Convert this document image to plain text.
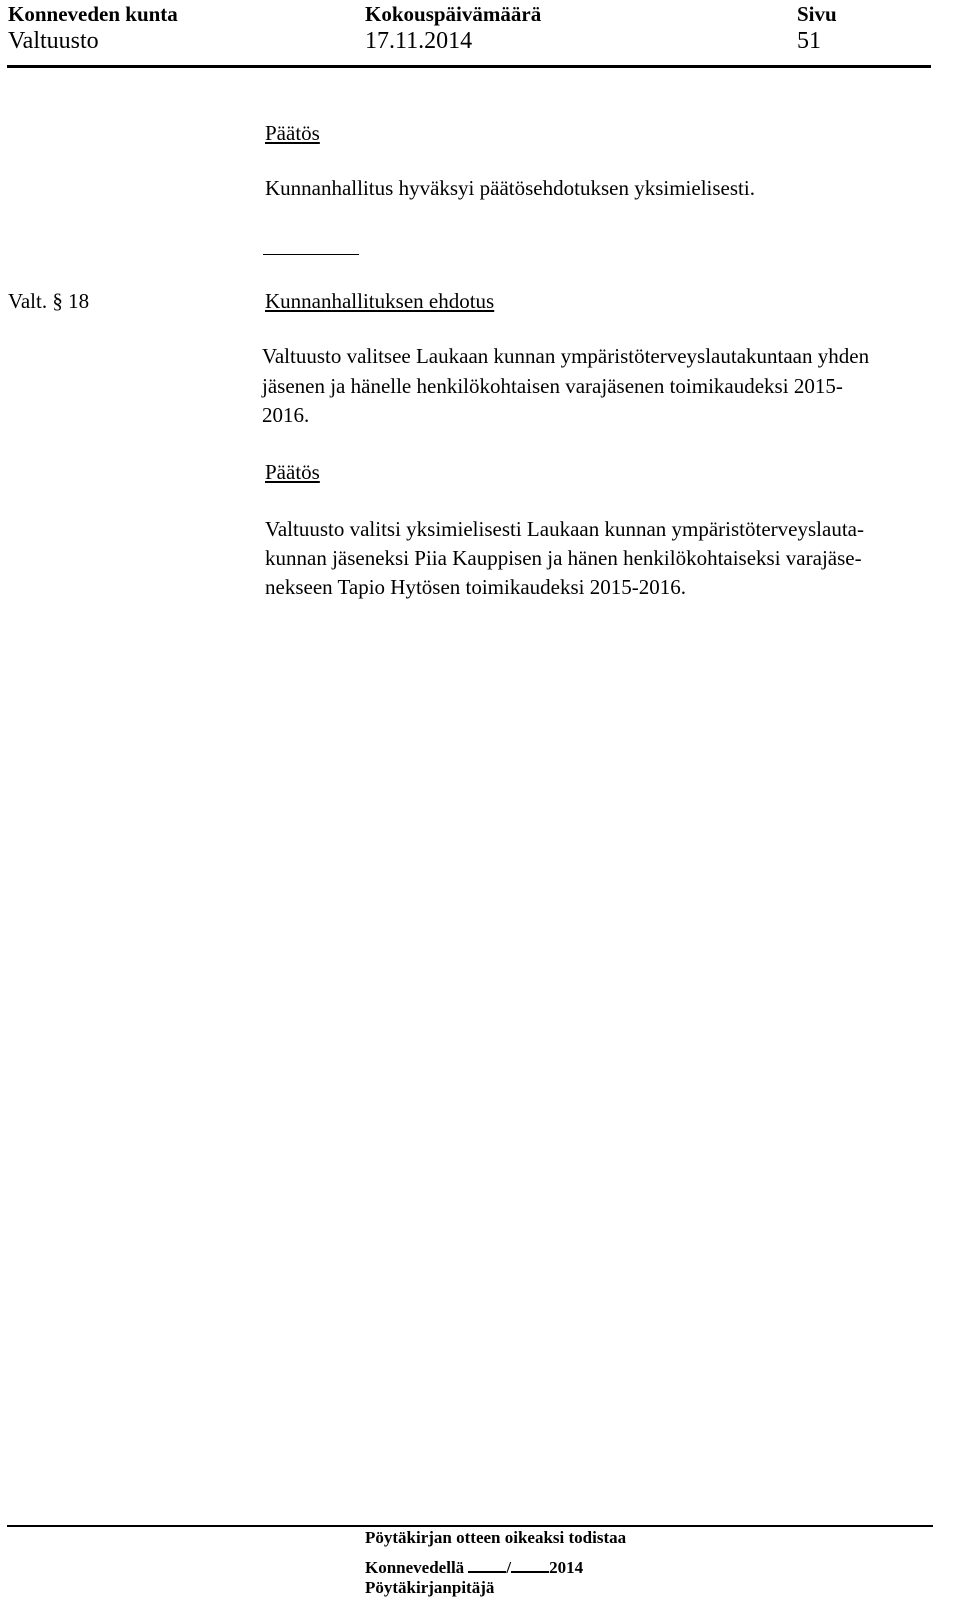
Konneveden kunta	Kokouspäivämäärä	Sivu
Valtuusto	17.11.2014	51
Päätös
Kunnanhallitus hyväksyi päätösehdotuksen yksimielisesti.
Valt. § 18	Kunnanhallituksen ehdotus
Valtuusto valitsee Laukaan kunnan ympäristöterveyslautakuntaan yhden
jäsenen ja hänelle henkilökohtaisen varajäsenen toimikaudeksi 2015-
2016.
Päätös
Valtuusto valitsi yksimielisesti Laukaan kunnan ympäristöterveyslauta-
kunnan jäseneksi Piia Kauppisen ja hänen henkilökohtaiseksi varajäse-
nekseen Tapio Hytösen toimikaudeksi 2015-2016.
Pöytäkirjan otteen oikeaksi todistaa
Konnevedellä / 2014
Pöytäkirjanpitäjä
